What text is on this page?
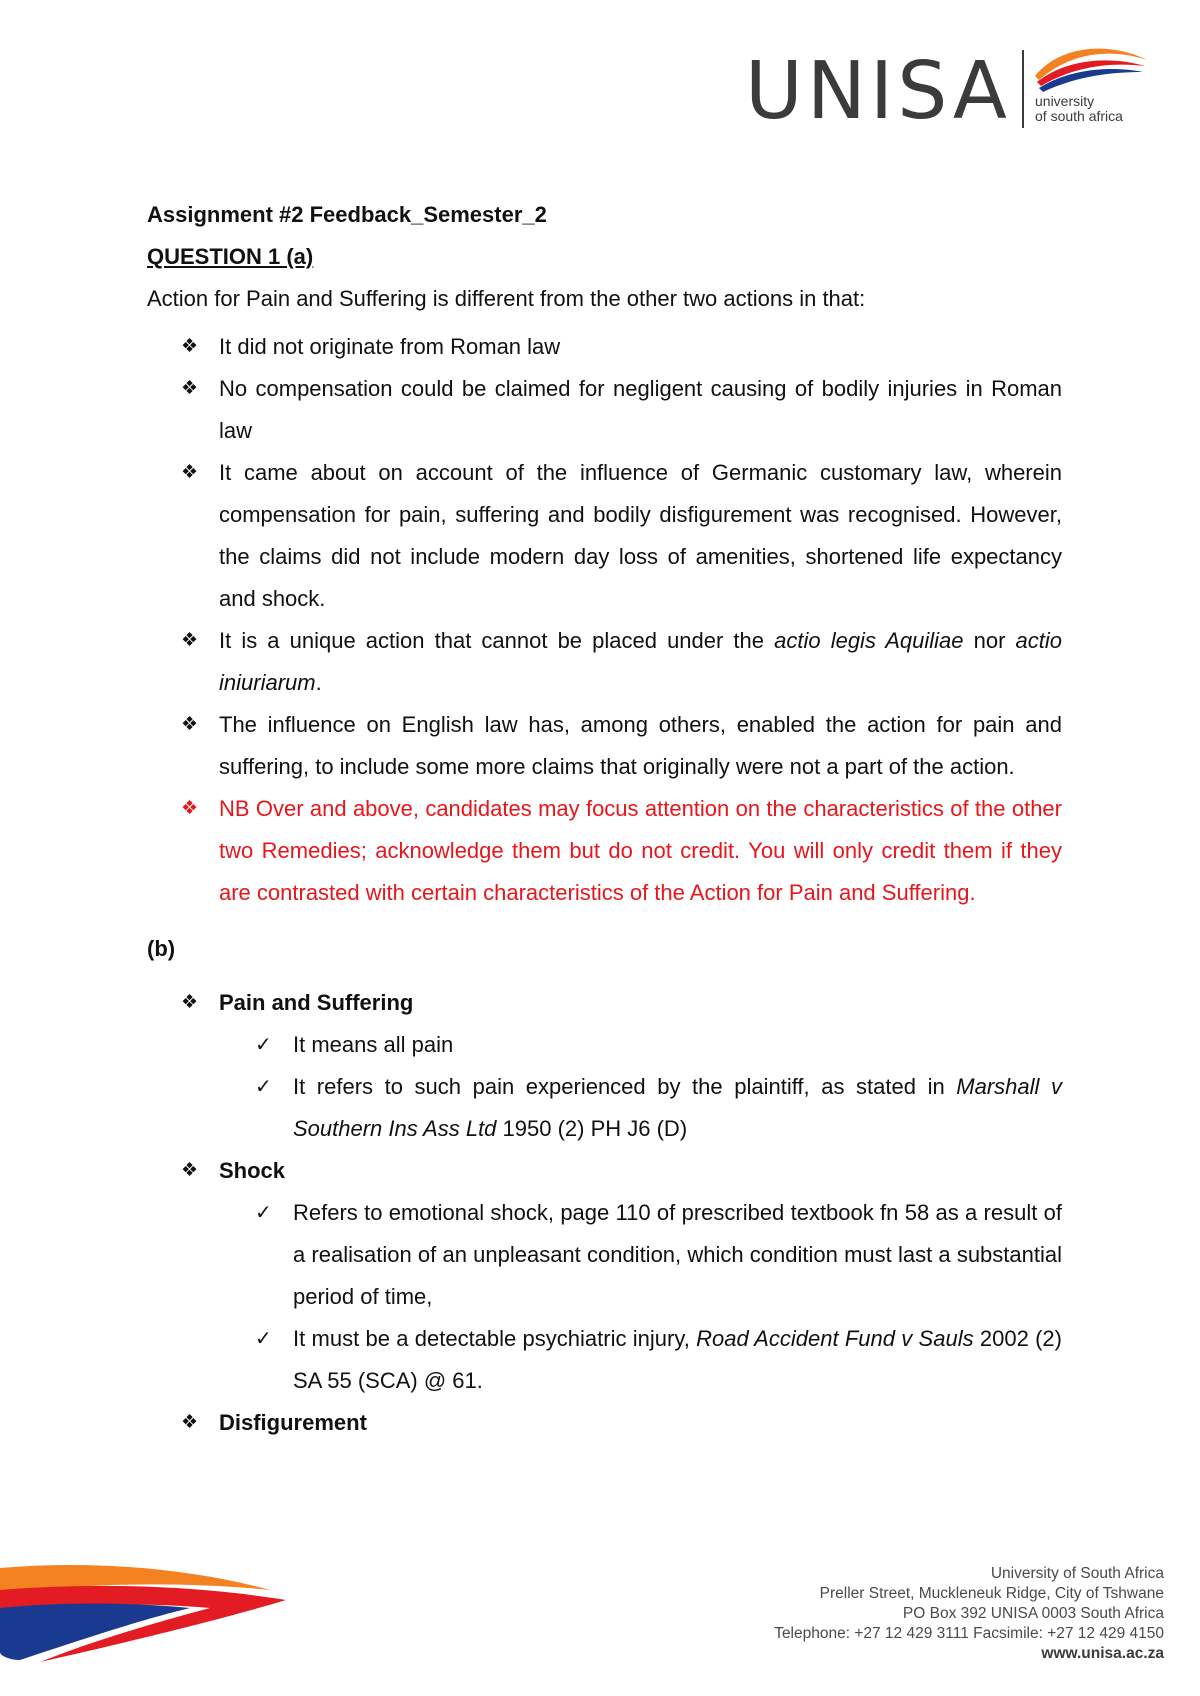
UNISA university
of south africa

Assignment #2 Feedback_Semester_2

QUESTION 1 (a)

Action for Pain and Suffering is different from the other two actions in that:

❖ It did not originate from Roman law
❖ No compensation could be claimed for negligent causing of bodily injuries in Roman law
❖ It came about on account of the influence of Germanic customary law, wherein compensation for pain, suffering and bodily disfigurement was recognised. However, the claims did not include modern day loss of amenities, shortened life expectancy and shock.
❖ It is a unique action that cannot be placed under the actio legis Aquiliae nor actio iniuriarum.
❖ The influence on English law has, among others, enabled the action for pain and suffering, to include some more claims that originally were not a part of the action.
❖ NB Over and above, candidates may focus attention on the characteristics of the other two Remedies; acknowledge them but do not credit. You will only credit them if they are contrasted with certain characteristics of the Action for Pain and Suffering.

(b)

❖ Pain and Suffering
✓ It means all pain
✓ It refers to such pain experienced by the plaintiff, as stated in Marshall v Southern Ins Ass Ltd 1950 (2) PH J6 (D)
❖ Shock
✓ Refers to emotional shock, page 110 of prescribed textbook fn 58 as a result of a realisation of an unpleasant condition, which condition must last a substantial period of time,
✓ It must be a detectable psychiatric injury, Road Accident Fund v Sauls 2002 (2) SA 55 (SCA) @ 61.
❖ Disfigurement
University of South Africa
Preller Street, Muckleneuk Ridge, City of Tshwane
PO Box 392 UNISA 0003 South Africa
Telephone: +27 12 429 3111 Facsimile: +27 12 429 4150
www.unisa.ac.za
